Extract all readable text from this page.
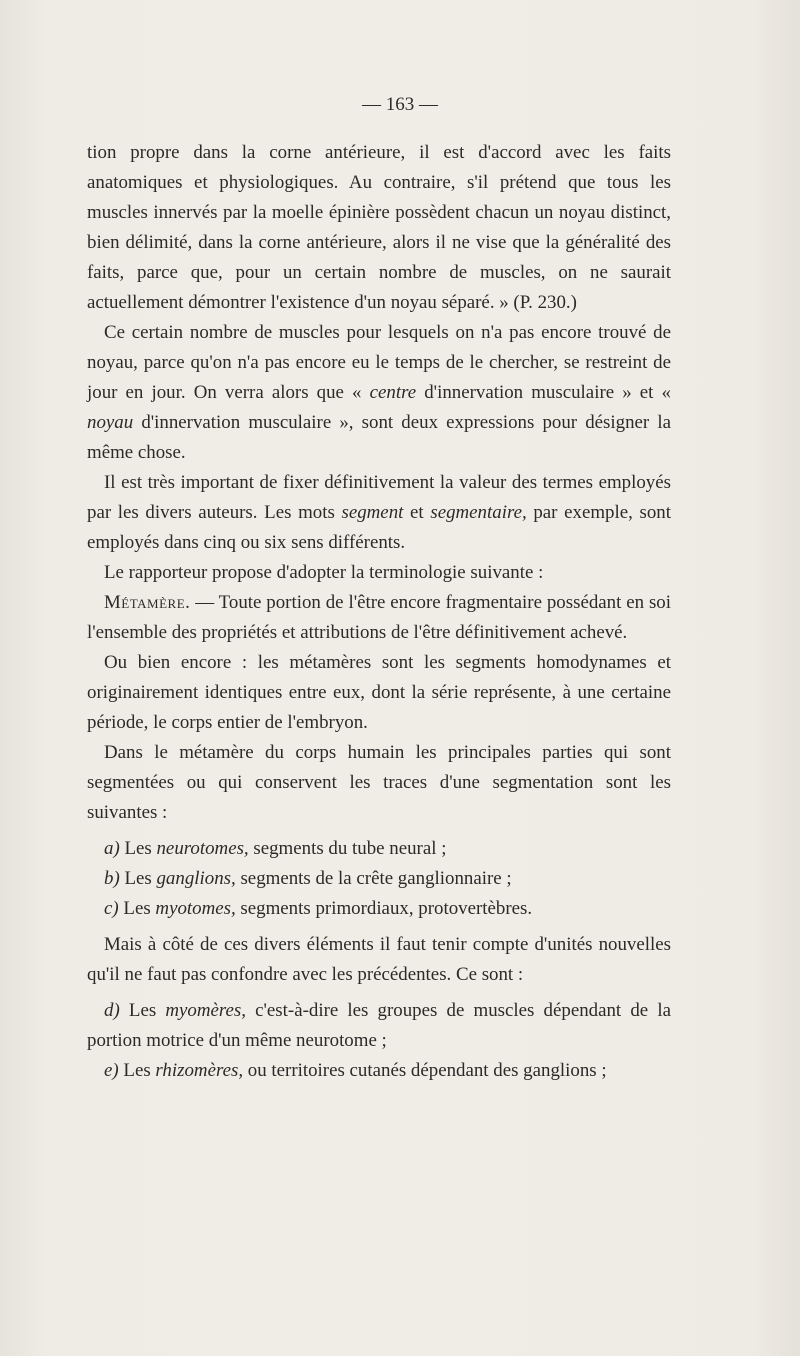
— 163 —

tion propre dans la corne antérieure, il est d'accord avec les faits anatomiques et physiologiques. Au contraire, s'il prétend que tous les muscles innervés par la moelle épinière possèdent chacun un noyau distinct, bien délimité, dans la corne antérieure, alors il ne vise que la généralité des faits, parce que, pour un certain nombre de muscles, on ne saurait actuellement démontrer l'existence d'un noyau séparé. » (P. 230.)

Ce certain nombre de muscles pour lesquels on n'a pas encore trouvé de noyau, parce qu'on n'a pas encore eu le temps de le chercher, se restreint de jour en jour. On verra alors que « centre d'innervation musculaire » et « noyau d'innervation musculaire », sont deux expressions pour désigner la même chose.

Il est très important de fixer définitivement la valeur des termes employés par les divers auteurs. Les mots segment et segmentaire, par exemple, sont employés dans cinq ou six sens différents.

Le rapporteur propose d'adopter la terminologie suivante :

Métamère. — Toute portion de l'être encore fragmentaire possédant en soi l'ensemble des propriétés et attributions de l'être définitivement achevé.

Ou bien encore : les métamères sont les segments homodynames et originairement identiques entre eux, dont la série représente, à une certaine période, le corps entier de l'embryon.

Dans le métamère du corps humain les principales parties qui sont segmentées ou qui conservent les traces d'une segmentation sont les suivantes :

a) Les neurotomes, segments du tube neural ;

b) Les ganglions, segments de la crête ganglionnaire ;

c) Les myotomes, segments primordiaux, protovertèbres.

Mais à côté de ces divers éléments il faut tenir compte d'unités nouvelles qu'il ne faut pas confondre avec les précédentes. Ce sont :

d) Les myomères, c'est-à-dire les groupes de muscles dépendant de la portion motrice d'un même neurotome ;

e) Les rhizomères, ou territoires cutanés dépendant des ganglions ;
